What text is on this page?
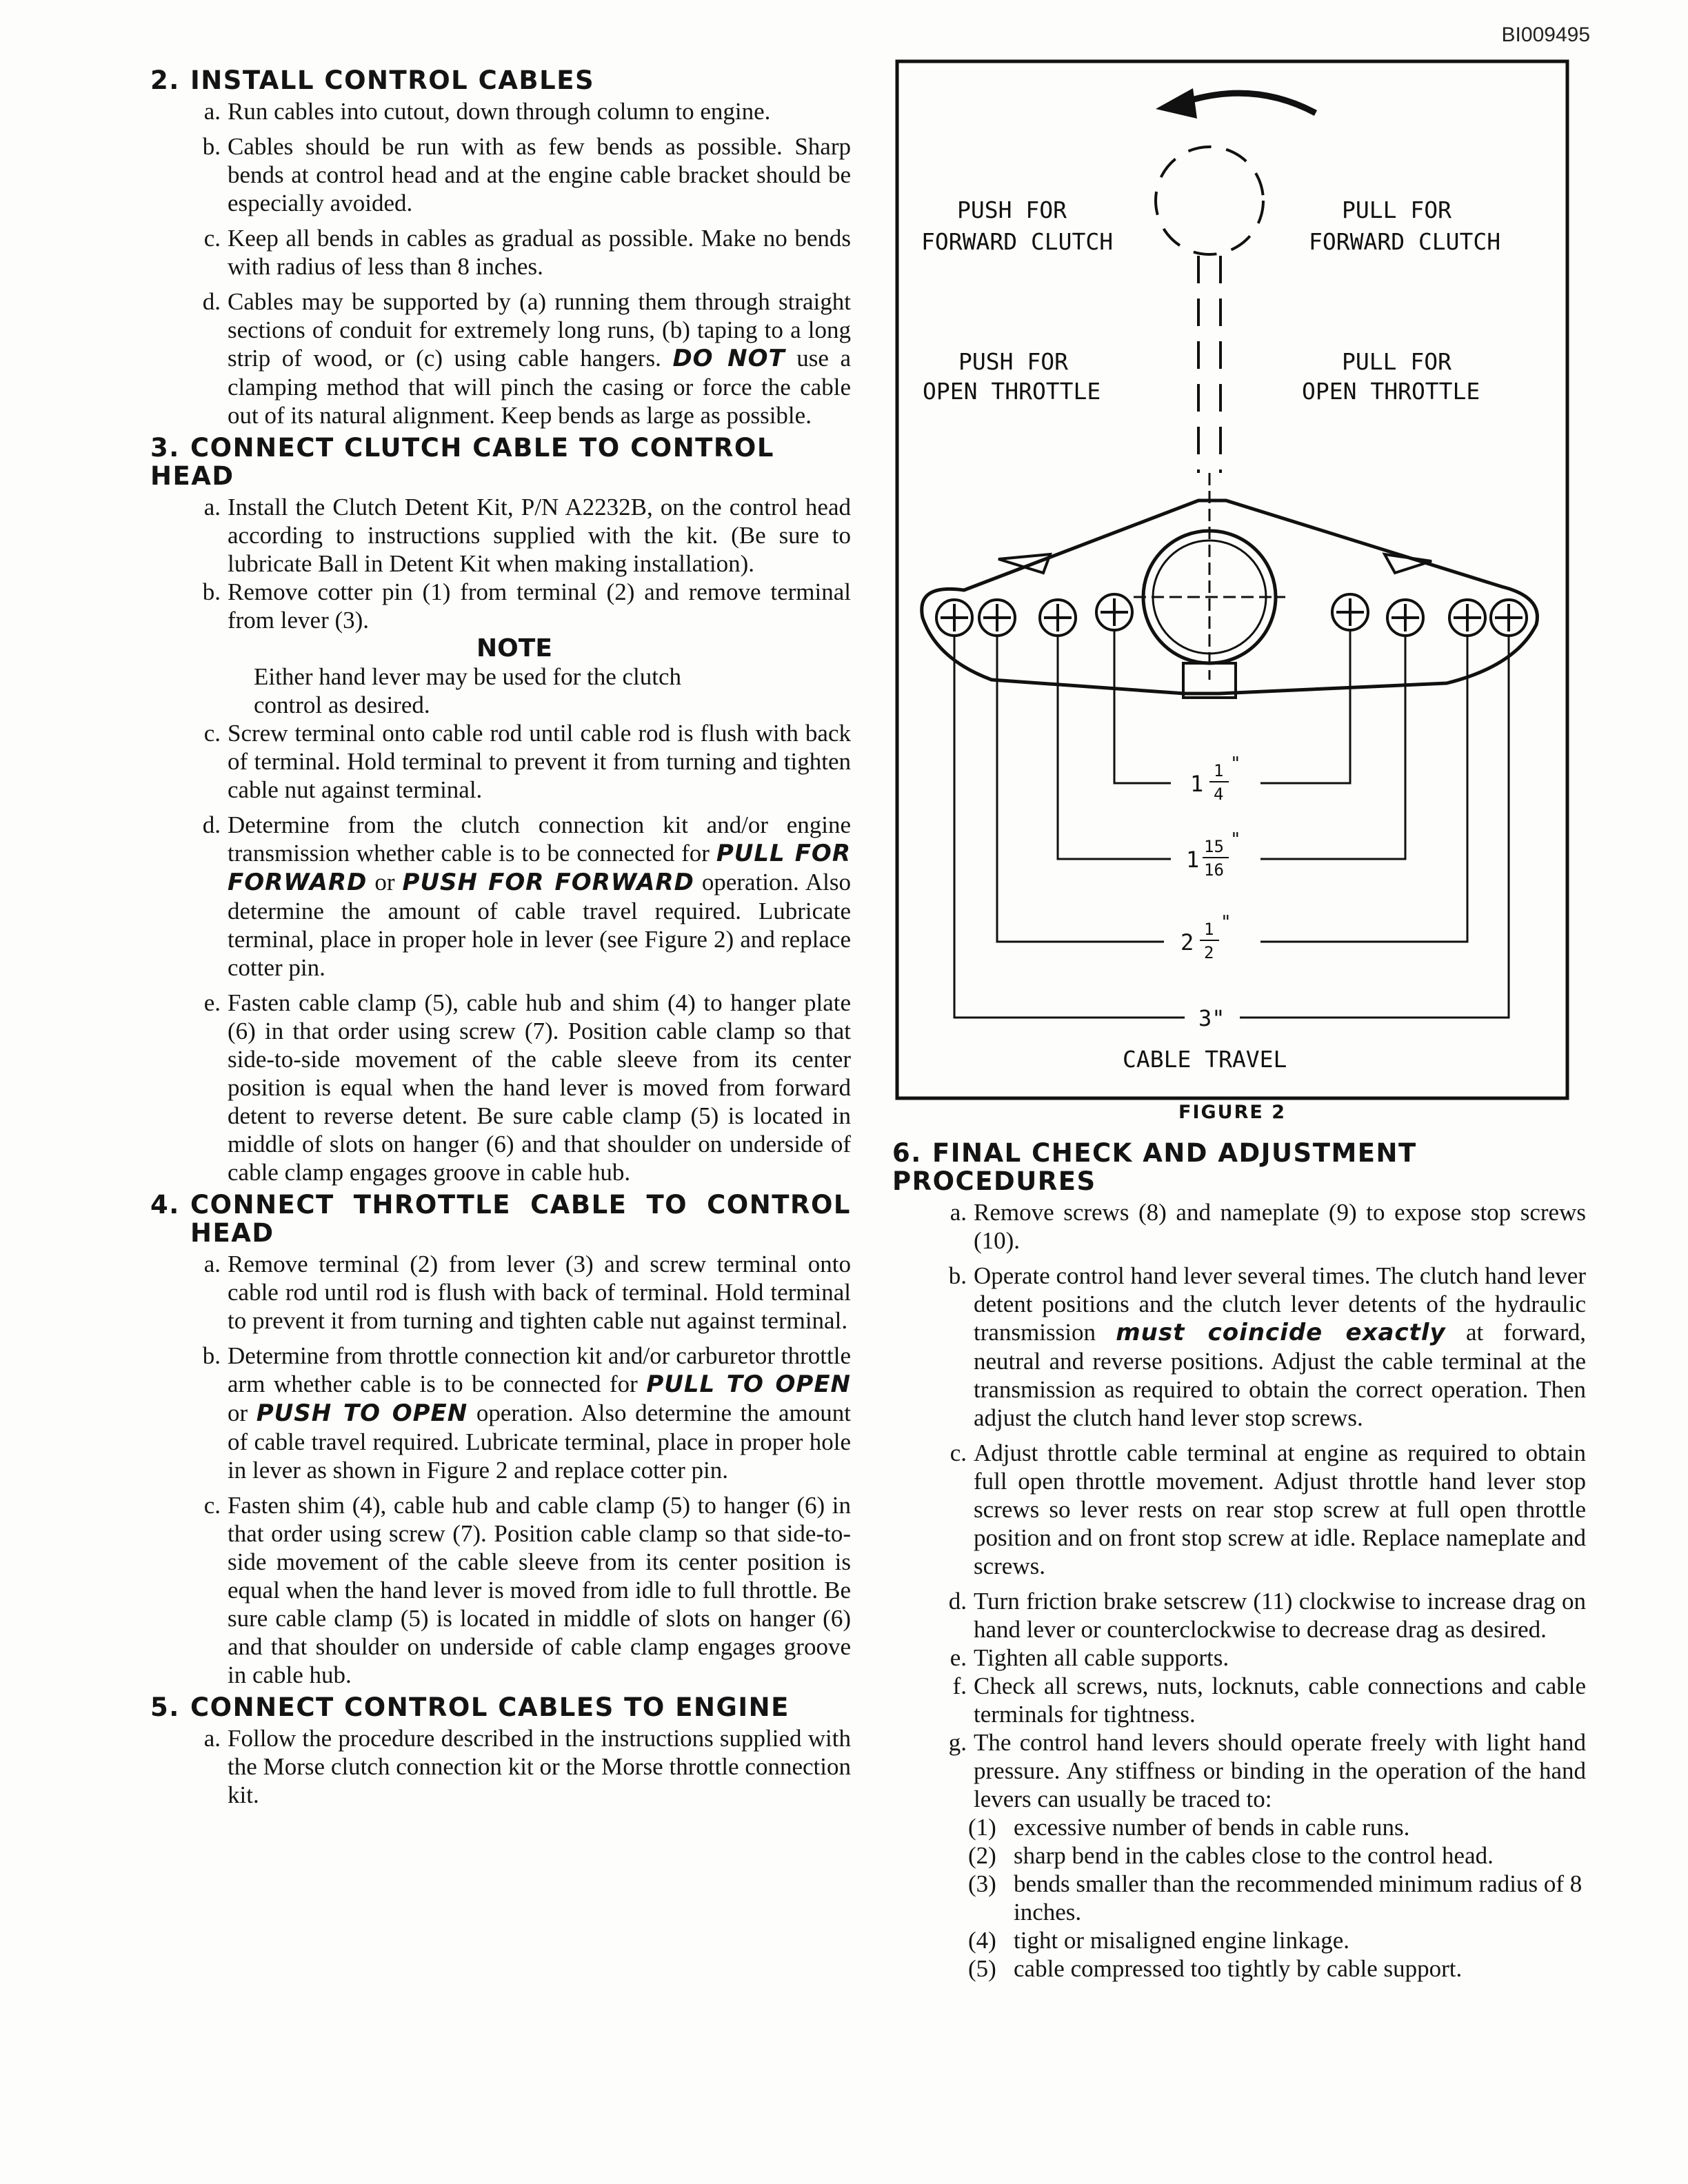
BI009495
2. INSTALL CONTROL CABLES
a. Run cables into cutout, down through column to engine.
b. Cables should be run with as few bends as possible. Sharp bends at control head and at the engine cable bracket should be especially avoided.
c. Keep all bends in cables as gradual as possible. Make no bends with radius of less than 8 inches.
d. Cables may be supported by (a) running them through straight sections of conduit for extremely long runs, (b) taping to a long strip of wood, or (c) using cable hangers. DO NOT use a clamping method that will pinch the casing or force the cable out of its natural alignment. Keep bends as large as possible.
3. CONNECT CLUTCH CABLE TO CONTROL HEAD
a. Install the Clutch Detent Kit, P/N A2232B, on the control head according to instructions supplied with the kit. (Be sure to lubricate Ball in Detent Kit when making installation).
b. Remove cotter pin (1) from terminal (2) and remove terminal from lever (3).
NOTE
Either hand lever may be used for the clutch control as desired.
c. Screw terminal onto cable rod until cable rod is flush with back of terminal. Hold terminal to prevent it from turning and tighten cable nut against terminal.
d. Determine from the clutch connection kit and/or engine transmission whether cable is to be connected for PULL FOR FORWARD or PUSH FOR FORWARD operation. Also determine the amount of cable travel required. Lubricate terminal, place in proper hole in lever (see Figure 2) and replace cotter pin.
e. Fasten cable clamp (5), cable hub and shim (4) to hanger plate (6) in that order using screw (7). Position cable clamp so that side-to-side movement of the cable sleeve from its center position is equal when the hand lever is moved from forward detent to reverse detent. Be sure cable clamp (5) is located in middle of slots on hanger (6) and that shoulder on underside of cable clamp engages groove in cable hub.
4. CONNECT THROTTLE CABLE TO CONTROL HEAD
a. Remove terminal (2) from lever (3) and screw terminal onto cable rod until rod is flush with back of terminal. Hold terminal to prevent it from turning and tighten cable nut against terminal.
b. Determine from throttle connection kit and/or carburetor throttle arm whether cable is to be connected for PULL TO OPEN or PUSH TO OPEN operation. Also determine the amount of cable travel required. Lubricate terminal, place in proper hole in lever as shown in Figure 2 and replace cotter pin.
c. Fasten shim (4), cable hub and cable clamp (5) to hanger (6) in that order using screw (7). Position cable clamp so that side-to-side movement of the cable sleeve from its center position is equal when the hand lever is moved from idle to full throttle. Be sure cable clamp (5) is located in middle of slots on hanger (6) and that shoulder on underside of cable clamp engages groove in cable hub.
5. CONNECT CONTROL CABLES TO ENGINE
a. Follow the procedure described in the instructions supplied with the Morse clutch connection kit or the Morse throttle connection kit.
PUSH FOR
FORWARD CLUTCH
PULL FOR
FORWARD CLUTCH
PUSH FOR
OPEN THROTTLE
PULL FOR
OPEN THROTTLE
1 1
4
"
1 15
16
"
2 1
2
"
3"
CABLE TRAVEL
FIGURE 2
6. FINAL CHECK AND ADJUSTMENT PROCEDURES
a. Remove screws (8) and nameplate (9) to expose stop screws (10).
b. Operate control hand lever several times. The clutch hand lever detent positions and the clutch lever detents of the hydraulic transmission must coincide exactly at forward, neutral and reverse positions. Adjust the cable terminal at the transmission as required to obtain the correct operation. Then adjust the clutch hand lever stop screws.
c. Adjust throttle cable terminal at engine as required to obtain full open throttle movement. Adjust throttle hand lever stop screws so lever rests on rear stop screw at full open throttle position and on front stop screw at idle. Replace nameplate and screws.
d. Turn friction brake setscrew (11) clockwise to increase drag on hand lever or counterclockwise to decrease drag as desired.
e. Tighten all cable supports.
f. Check all screws, nuts, locknuts, cable connections and cable terminals for tightness.
g. The control hand levers should operate freely with light hand pressure. Any stiffness or binding in the operation of the hand levers can usually be traced to:
(1) excessive number of bends in cable runs.
(2) sharp bend in the cables close to the control head.
(3) bends smaller than the recommended minimum radius of 8 inches.
(4) tight or misaligned engine linkage.
(5) cable compressed too tightly by cable support.
